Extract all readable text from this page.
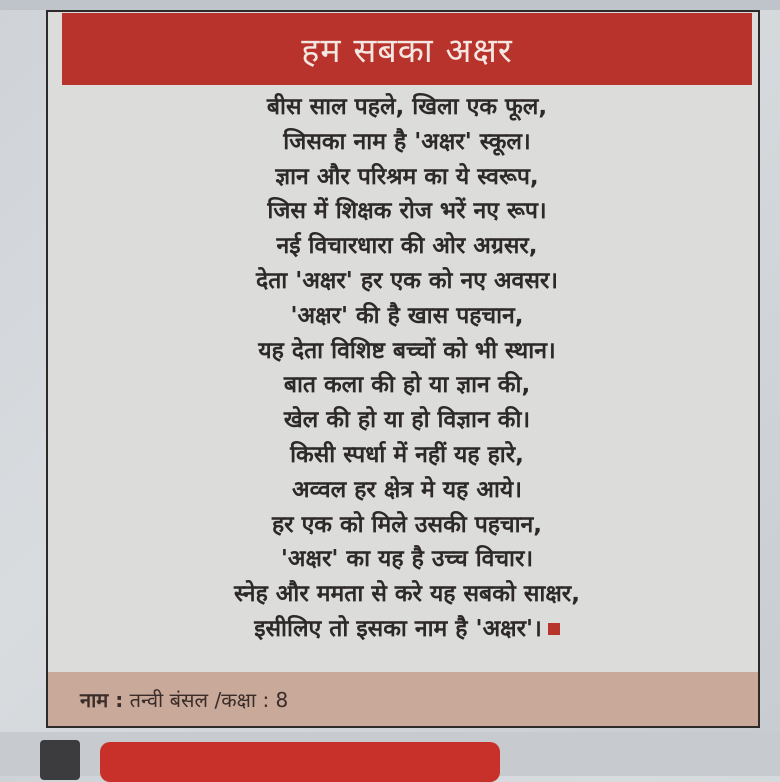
हम सबका अक्षर
बीस साल पहले, खिला एक फूल,
जिसका नाम है 'अक्षर' स्कूल।
ज्ञान और परिश्रम का ये स्वरूप,
जिस में शिक्षक रोज भरें नए रूप।
नई विचारधारा की ओर अग्रसर,
देता 'अक्षर' हर एक को नए अवसर।
'अक्षर' की है खास पहचान,
यह देता विशिष्ट बच्चों को भी स्थान।
बात कला की हो या ज्ञान की,
खेल की हो या हो विज्ञान की।
किसी स्पर्धा में नहीं यह हारे,
अव्वल हर क्षेत्र मे यह आये।
हर एक को मिले उसकी पहचान,
'अक्षर' का यह है उच्च विचार।
स्नेह और ममता से करे यह सबको साक्षर,
इसीलिए तो इसका नाम है 'अक्षर'।
नाम : तन्वी बंसल /कक्षा : 8
